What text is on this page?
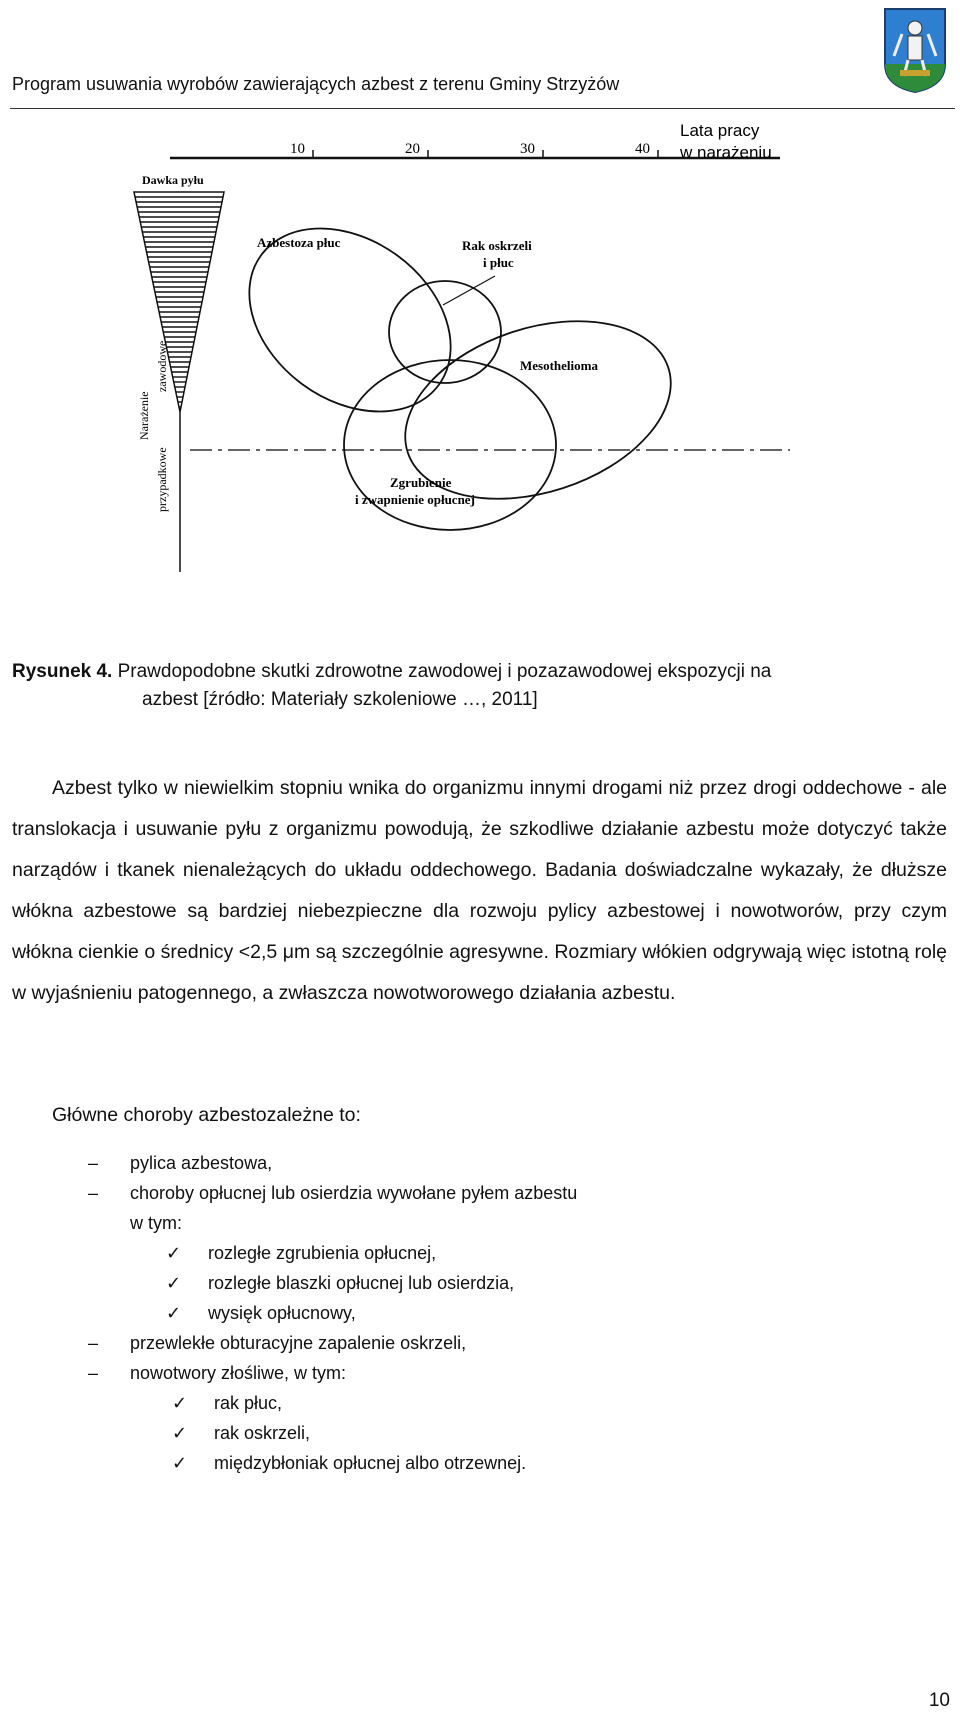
Program usuwania wyrobów zawierających azbest z terenu Gminy Strzyżów
10	20	30	40
Lata pracy
w narażeniu
Dawka pyłu
Narażenie
zawodowe
przypadkowe
Azbestoza płuc	Rak oskrzeli
i płuc
Mesothelioma
Zgrubienie
i zwapnienie opłucnej
Rysunek 4. Prawdopodobne skutki zdrowotne zawodowej i pozazawodowej ekspozycji na
azbest [źródło: Materiały szkoleniowe …, 2011]
Azbest tylko w niewielkim stopniu wnika do organizmu innymi drogami niż przez drogi oddechowe - ale translokacja i usuwanie pyłu z organizmu powodują, że szkodliwe działanie azbestu może dotyczyć także narządów i tkanek nienależących do układu oddechowego. Badania doświadczalne wykazały, że dłuższe włókna azbestowe są bardziej niebezpieczne dla rozwoju pylicy azbestowej i nowotworów, przy czym włókna cienkie o średnicy <2,5 μm są szczególnie agresywne. Rozmiary włókien odgrywają więc istotną rolę w wyjaśnieniu patogennego, a zwłaszcza nowotworowego działania azbestu.
Główne choroby azbestozależne to:
– pylica azbestowa,
– choroby opłucnej lub osierdzia wywołane pyłem azbestu
w tym:
✓ rozległe zgrubienia opłucnej,
✓ rozległe blaszki opłucnej lub osierdzia,
✓ wysięk opłucnowy,
– przewlekłe obturacyjne zapalenie oskrzeli,
– nowotwory złośliwe, w tym:
✓ rak płuc,
✓ rak oskrzeli,
✓ międzybłoniak opłucnej albo otrzewnej.
10
